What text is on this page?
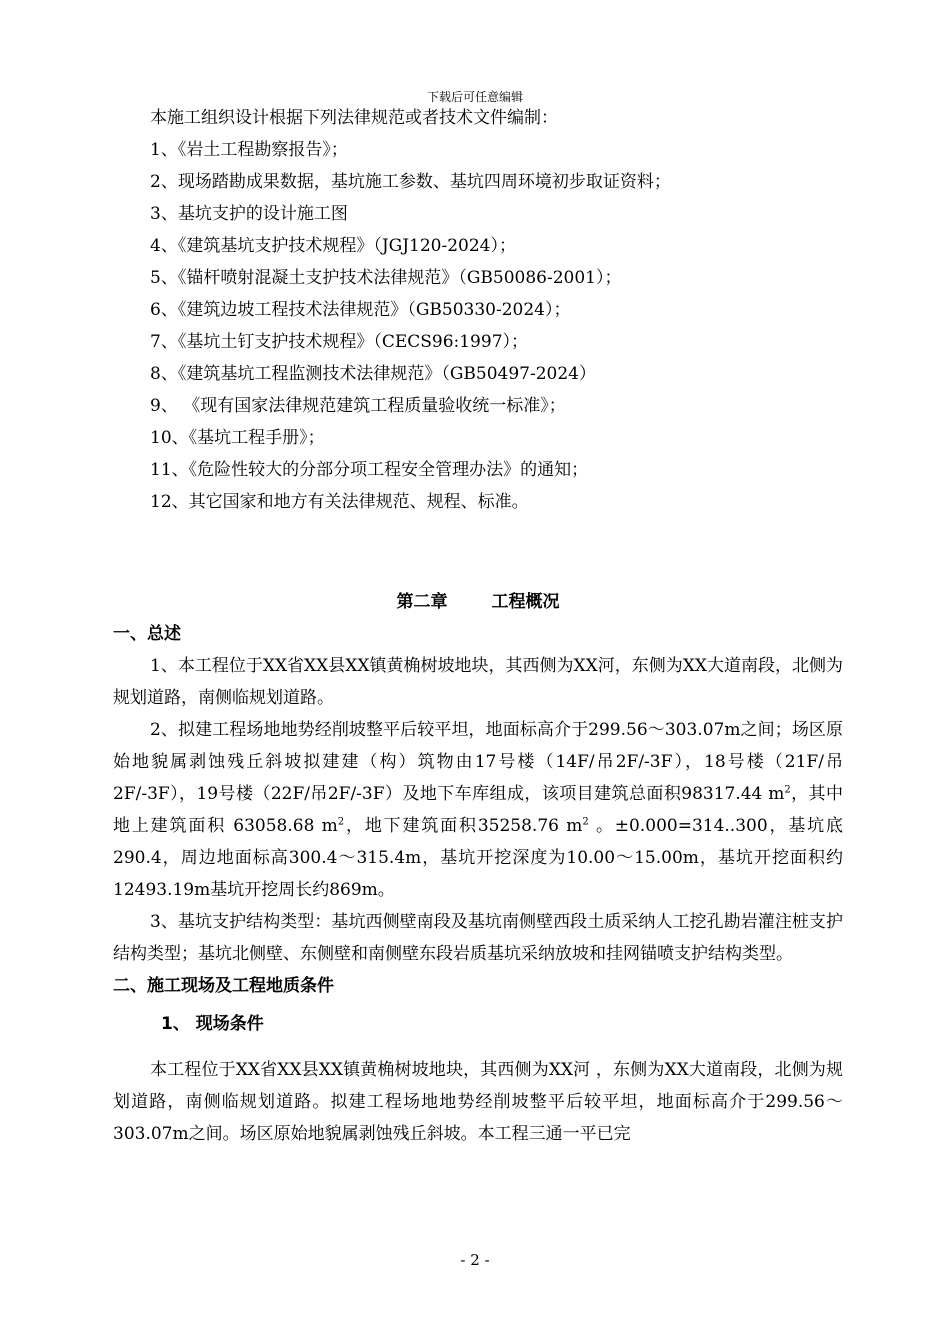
下载后可任意编辑

本施工组织设计根据下列法律规范或者技术文件编制：

1、《岩土工程勘察报告》；

2、现场踏勘成果数据，基坑施工参数、基坑四周环境初步取证资料；

3、基坑支护的设计施工图

4、《建筑基坑支护技术规程》（JGJ120-2024）；

5、《锚杆喷射混凝土支护技术法律规范》（GB50086-2001）；

6、《建筑边坡工程技术法律规范》（GB50330-2024）；

7、《基坑土钉支护技术规程》（CECS96:1997）；

8、《建筑基坑工程监测技术法律规范》（GB50497-2024）

9、 《现有国家法律规范建筑工程质量验收统一标准》；

10、《基坑工程手册》；

11、《危险性较大的分部分项工程安全管理办法》的通知；

12、其它国家和地方有关法律规范、规程、标准。

第二章	工程概况

一、总述

1、本工程位于XX省XX县XX镇黄桷树坡地块，其西侧为XX河，东侧为XX大道南段，北侧为规划道路，南侧临规划道路。

2、拟建工程场地地势经削坡整平后较平坦，地面标高介于299.56～303.07m之间；场区原始地貌属剥蚀残丘斜坡拟建建（构）筑物由17号楼（14F/吊2F/-3F），18号楼（21F/吊2F/-3F），19号楼（22F/吊2F/-3F）及地下车库组成，该项目建筑总面积98317.44 $m^2$，其中地上建筑面积 63058.68 $m^2$，地下建筑面积35258.76 $m^2$ 。±0.000=314..300，基坑底290.4，周边地面标高300.4～315.4m，基坑开挖深度为10.00～15.00m，基坑开挖面积约12493.19m基坑开挖周长约869m。

3、基坑支护结构类型：基坑西侧壁南段及基坑南侧壁西段土质采纳人工挖孔勘岩灌注桩支护结构类型；基坑北侧壁、东侧壁和南侧壁东段岩质基坑采纳放坡和挂网锚喷支护结构类型。

二、施工现场及工程地质条件

1、 现场条件

本工程位于XX省XX县XX镇黄桷树坡地块，其西侧为XX河 ，东侧为XX大道南段，北侧为规划道路，南侧临规划道路。拟建工程场地地势经削坡整平后较平坦，地面标高介于299.56～303.07m之间。场区原始地貌属剥蚀残丘斜坡。本工程三通一平已完

- 2 -
